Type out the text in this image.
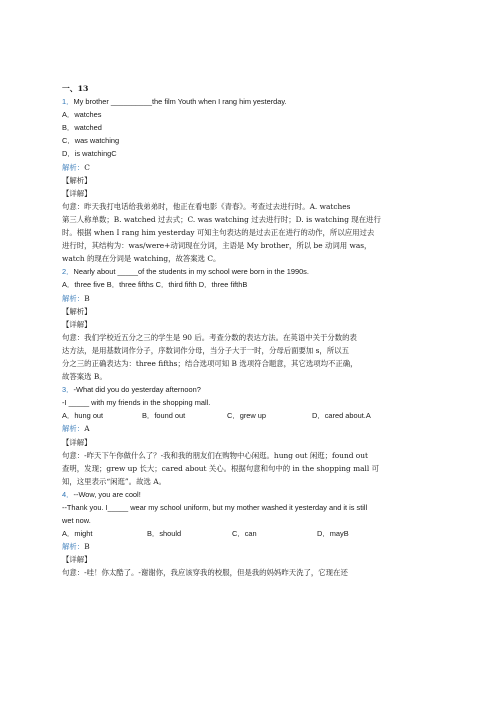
一、13
1．My brother __________the film Youth when I rang him yesterday.
A．watches
B．watched
C．was watching
D．is watchingC
解析：C
【解析】
【详解】
句意：昨天我打电话给我弟弟时，他正在看电影《青春》。考查过去进行时。A. watches
第三人称单数；B. watched 过去式；C. was watching 过去进行时；D. is watching 现在进行
时。根据 when I rang him yesterday 可知主句表达的是过去正在进行的动作，所以应用过去
进行时，其结构为：was/were+动词现在分词，主语是 My brother，所以 be 动词用 was，
watch 的现在分词是 watching，故答案选 C。
2．Nearly about _____of the students in my school were born in the 1990s.
A．three five B．three fifths C．third fifth D．three fifthB
解析：B
【解析】
【详解】
句意：我们学校近五分之三的学生是 90 后。考查分数的表达方法。在英语中关于分数的表
达方法，是用基数词作分子，序数词作分母，当分子大于一时，分母后面要加 s，所以五
分之三的正确表达为：three fifths；结合选项可知 B 选项符合题意，其它选项均不正确，
故答案选 B。
3．-What did you do yesterday afternoon?
-I _____ with my friends in the shopping mall.
A．hung out	B．found out	C．grew up	D．cared about.A
解析：A
【详解】
句意：-昨天下午你做什么了？-我和我的朋友们在购物中心闲逛。hung out 闲逛；found out
查明，发现；grew up 长大；cared about 关心。根据句意和句中的 in the shopping mall 可
知，这里表示“闲逛”。故选 A。
4．--Wow, you are cool!
--Thank you. I_____ wear my school uniform, but my mother washed it yesterday and it is still
wet now.
A．might	B．should	C．can	D．mayB
解析：B
【详解】
句意：-哇！你太酷了。-谢谢你，我应该穿我的校服，但是我的妈妈昨天洗了，它现在还
